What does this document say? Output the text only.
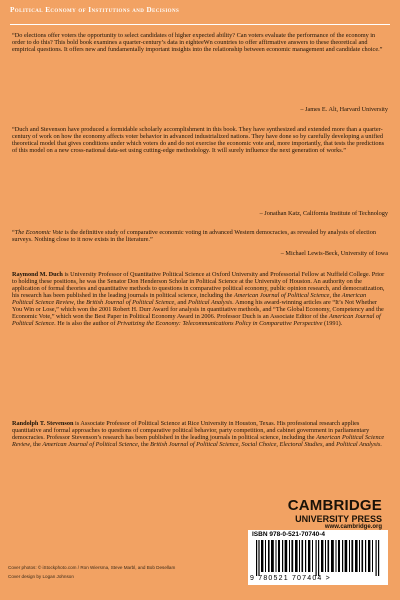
Political Economy of Institutions and Decisions

“Do elections offer voters the opportunity to select candidates of higher expected ability? Can voters evaluate the performance of the economy in order to do this? This bold book examines a quarter-century’s data in eighteeWn countries to offer affirmative answers to these theoretical and empirical questions. It offers new and fundamentally important insights into the relationship between economic management and candidate choice.”

– James E. Alt, Harvard University

“Duch and Stevenson have produced a formidable scholarly accomplishment in this book. They have synthesized and extended more than a quarter-century of work on how the economy affects voter behavior in advanced industrialized nations. They have done so by carefully developing a unified theoretical model that gives conditions under which voters do and do not exercise the economic vote and, more importantly, that tests the predictions of this model on a new cross-national data-set using cutting-edge methodology. It will surely influence the next generation of works.”

– Jonathan Katz, California Institute of Technology

“The Economic Vote is the definitive study of comparative economic voting in advanced Western democracies, as revealed by analysis of election surveys. Nothing close to it now exists in the literature.”

– Michael Lewis-Beck, University of Iowa

Raymond M. Duch is University Professor of Quantitative Political Science at Oxford University and Professorial Fellow at Nuffield College. Prior to holding these positions, he was the Senator Don Henderson Scholar in Political Science at the University of Houston. An authority on the application of formal theories and quantitative methods to questions in comparative political economy, public opinion research, and democratization, his research has been published in the leading journals in political science, including the American Journal of Political Science, the American Political Science Review, the British Journal of Political Science, and Political Analysis. Among his award-winning articles are “It’s Not Whether You Win or Lose,” which won the 2001 Robert H. Durr Award for analysis in quantitative methods, and “The Global Economy, Competency and the Economic Vote,” which won the Best Paper in Political Economy Award in 2006. Professor Duch is an Associate Editor of the American Journal of Political Science. He is also the author of Privatizing the Economy: Telecommunications Policy in Comparative Perspective (1991).

Randolph T. Stevenson is Associate Professor of Political Science at Rice University in Houston, Texas. His professional research applies quantitative and formal approaches to questions of comparative political behavior, party competition, and cabinet government in parliamentary democracies. Professor Stevenson’s research has been published in the leading journals in political science, including the American Political Science Review, the American Journal of Political Science, the British Journal of Political Science, Social Choice, Electoral Studies, and Political Analysis.

CAMBRIDGE
UNIVERSITY PRESS
www.cambridge.org
ISBN 978-0-521-70740-4
9 780521 707404 >
Cover photos: © iStockphoto.com / Ron Wiersma, Steve Marbl, and Bob Desellam
Cover design by Logan Johnson
